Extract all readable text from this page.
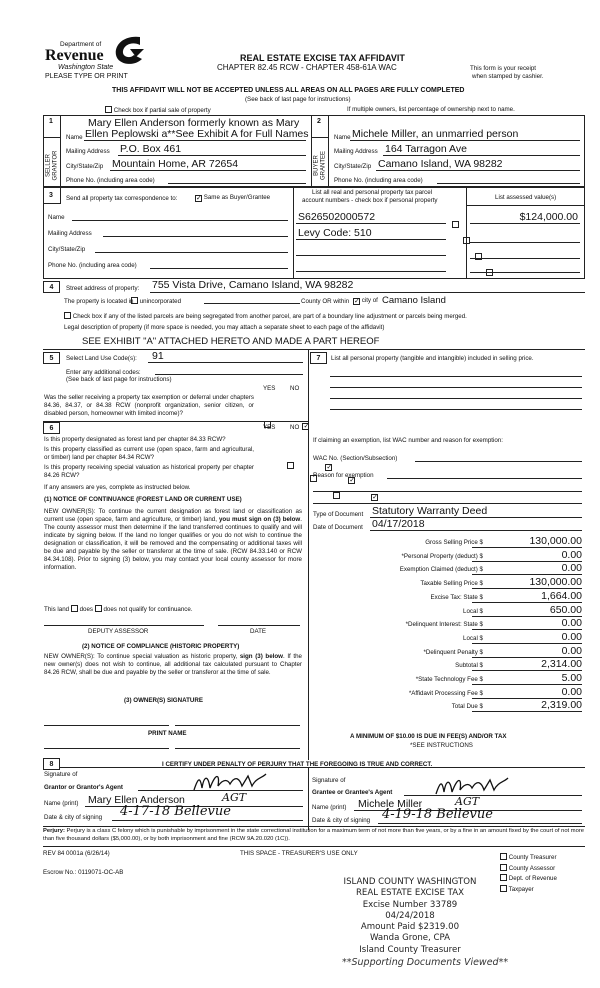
Department of
Revenue
Washington State
PLEASE TYPE OR PRINT
REAL ESTATE EXCISE TAX AFFIDAVIT
CHAPTER 82.45 RCW - CHAPTER 458-61A WAC	This form is your receipt
when stamped by cashier.
THIS AFFIDAVIT WILL NOT BE ACCEPTED UNLESS ALL AREAS ON ALL PAGES ARE FULLY COMPLETED
(See back of last page for instructions)
Check box if partial sale of property	If multiple owners, list percentage of ownership next to name.
1	2
SELLER GRANTOR	BUYER GRANTEE
Mary Ellen Anderson formerly known as Mary
Name Ellen Peplowski a**See Exhibit A for Full Names
Mailing Address P.O. Box 461
City/State/Zip Mountain Home, AR 72654
Phone No. (including area code)
Name Michele Miller, an unmarried person
Mailing Address 164 Tarragon Ave
City/State/Zip Camano Island, WA 98282
Phone No. (including area code)
3 Send all property tax correspondence to:	✓ Same as Buyer/Grantee
Name
Mailing Address
City/State/Zip
Phone No. (including area code)
List all real and personal property tax parcel
account numbers - check box if personal property	List assessed value(s)
S626502000572
Levy Code: 510

$124,000.00
4	Street address of property: 755 Vista Drive, Camano Island, WA 98282
The property is located in	unincorporated	County OR within ✓ city of Camano Island
Check box if any of the listed parcels are being segregated from another parcel, are part of a boundary line adjustment or parcels being merged.
Legal description of property (if more space is needed, you may attach a separate sheet to each page of the affidavit)
SEE EXHIBIT "A" ATTACHED HERETO AND MADE A PART HEREOF
5	Select Land Use Code(s): 91
Enter any additional codes:
(See back of last page for instructions)
YES NO
Was the seller receiving a property tax exemption or deferral under chapters 84.36, 84.37, or 84.38 RCW (nonprofit organization, senior citizen, or disabled person, homeowner with limited income)?
✓
6	YES NO
Is this property designated as forest land per chapter 84.33 RCW?
✓
Is this property classified as current use (open space, farm and agricultural, or timber) land per chapter 84.34 RCW?
✓
Is this property receiving special valuation as historical property per chapter 84.26 RCW?
✓
If any answers are yes, complete as instructed below.
(1) NOTICE OF CONTINUANCE (FOREST LAND OR CURRENT USE)
NEW OWNER(S): To continue the current designation as forest land or classification as current use (open space, farm and agriculture, or timber) land, you must sign on (3) below. The county assessor must then determine if the land transferred continues to qualify and will indicate by signing below. If the land no longer qualifies or you do not wish to continue the designation or classification, it will be removed and the compensating or additional taxes will be due and payable by the seller or transferor at the time of sale. (RCW 84.33.140 or RCW 84.34.108). Prior to signing (3) below, you may contact your local county assessor for more information.
This land does does not qualify for continuance.
DEPUTY ASSESSOR	DATE
(2) NOTICE OF COMPLIANCE (HISTORIC PROPERTY)
NEW OWNER(S): To continue special valuation as historic property, sign (3) below. If the new owner(s) does not wish to continue, all additional tax calculated pursuant to Chapter 84.26 RCW, shall be due and payable by the seller or transferor at the time of sale.
(3) OWNER(S) SIGNATURE
PRINT NAME
7	List all personal property (tangible and intangible) included in selling price.
If claiming an exemption, list WAC number and reason for exemption:
WAC No. (Section/Subsection)
Reason for exemption
Type of Document Statutory Warranty Deed
Date of Document 04/17/2018
Gross Selling Price $	130,000.00
*Personal Property (deduct) $	0.00
Exemption Claimed (deduct) $	0.00
Taxable Selling Price $	130,000.00
Excise Tax: State $	1,664.00
Local $	650.00
*Delinquent Interest: State $	0.00
Local $	0.00
*Delinquent Penalty $	0.00
Subtotal $	2,314.00
*State Technology Fee $	5.00
*Affidavit Processing Fee $	0.00
Total Due $	2,319.00
A MINIMUM OF $10.00 IS DUE IN FEE(S) AND/OR TAX
*SEE INSTRUCTIONS
8	I CERTIFY UNDER PENALTY OF PERJURY THAT THE FOREGOING IS TRUE AND CORRECT.
Signature of
Grantor or Grantor's Agent
Name (print) Mary Ellen Anderson	AGT
Date & city of signing 4-17-18 Bellevue
Signature of
Grantee or Grantee's Agent
Name (print) Michele Miller	AGT
Date & city of signing 4-19-18 Bellevue
Perjury: Perjury is a class C felony which is punishable by imprisonment in the state correctional institution for a maximum term of not more than five years, or by a fine in an amount fixed by the court of not more than five thousand dollars ($5,000.00), or by both imprisonment and fine (RCW 9A.20.020 (1C)).
REV 84 0001a (6/26/14)	THIS SPACE - TREASURER'S USE ONLY
County Treasurer
County Assessor
Dept. of Revenue
Taxpayer
Escrow No.: 0119071-OC-AB
ISLAND COUNTY WASHINGTON
REAL ESTATE EXCISE TAX
Excise Number 33789
04/24/2018
Amount Paid $2319.00
Wanda Grone, CPA
Island County Treasurer
**Supporting Documents Viewed**
